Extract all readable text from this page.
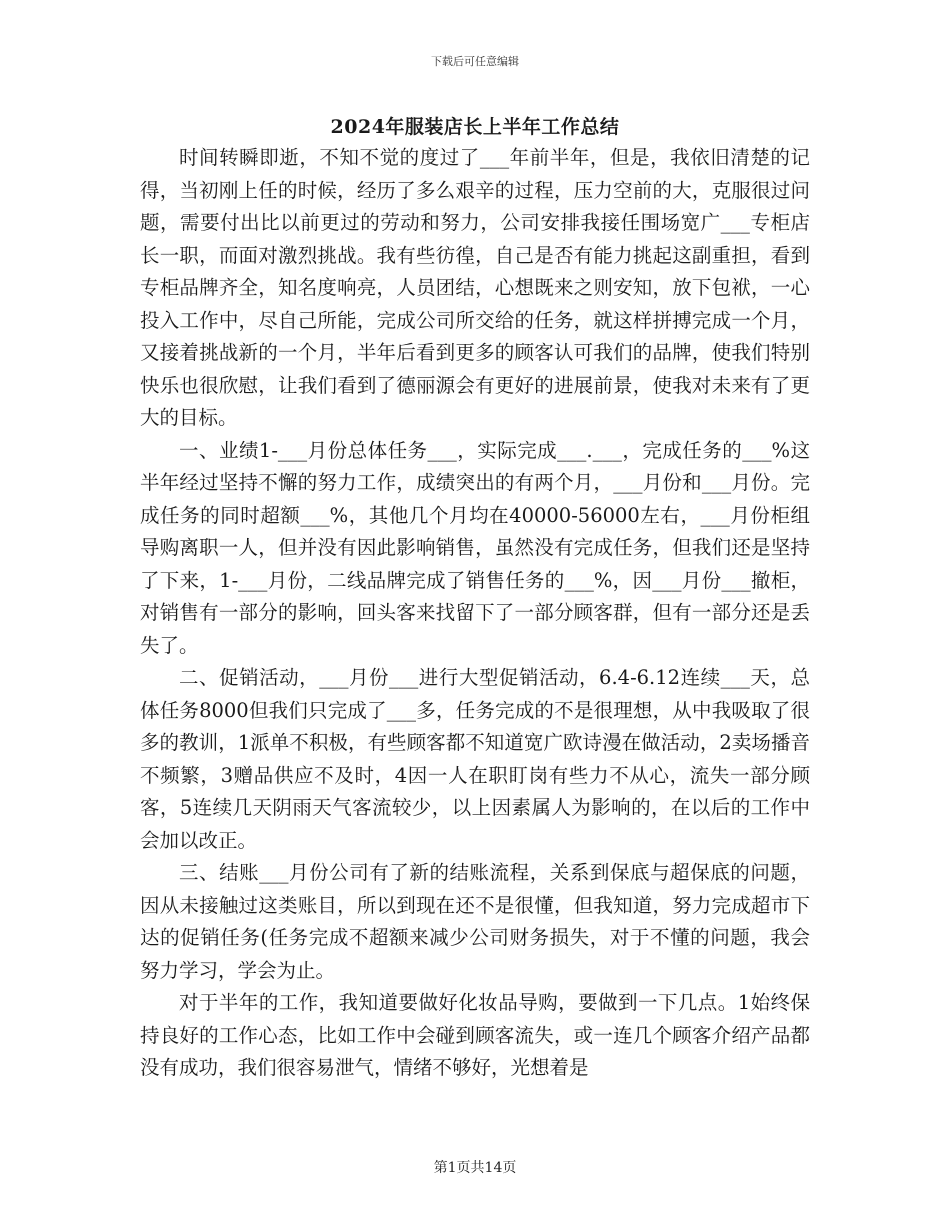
下载后可任意编辑
2024年服装店长上半年工作总结

时间转瞬即逝，不知不觉的度过了___年前半年，但是，我依旧清楚的记得，当初刚上任的时候，经历了多么艰辛的过程，压力空前的大，克服很过问题，需要付出比以前更过的劳动和努力，公司安排我接任围场宽广___专柜店长一职，而面对激烈挑战。我有些彷徨，自己是否有能力挑起这副重担，看到专柜品牌齐全，知名度响亮，人员团结，心想既来之则安知，放下包袱，一心投入工作中，尽自己所能，完成公司所交给的任务，就这样拼搏完成一个月，又接着挑战新的一个月，半年后看到更多的顾客认可我们的品牌，使我们特别快乐也很欣慰，让我们看到了德丽源会有更好的进展前景，使我对未来有了更大的目标。

一、业绩1-___月份总体任务___，实际完成___.___，完成任务的___%这半年经过坚持不懈的努力工作，成绩突出的有两个月，___月份和___月份。完成任务的同时超额___%，其他几个月均在40000-56000左右，___月份柜组导购离职一人，但并没有因此影响销售，虽然没有完成任务，但我们还是坚持了下来，1-___月份，二线品牌完成了销售任务的___%，因___月份___撤柜，对销售有一部分的影响，回头客来找留下了一部分顾客群，但有一部分还是丢失了。

二、促销活动，___月份___进行大型促销活动，6.4-6.12连续___天，总体任务8000但我们只完成了___多，任务完成的不是很理想，从中我吸取了很多的教训，1派单不积极，有些顾客都不知道宽广欧诗漫在做活动，2卖场播音不频繁，3赠品供应不及时，4因一人在职盯岗有些力不从心，流失一部分顾客，5连续几天阴雨天气客流较少，以上因素属人为影响的，在以后的工作中会加以改正。

三、结账___月份公司有了新的结账流程，关系到保底与超保底的问题，因从未接触过这类账目，所以到现在还不是很懂，但我知道，努力完成超市下达的促销任务(任务完成不超额来减少公司财务损失，对于不懂的问题，我会努力学习，学会为止。

对于半年的工作，我知道要做好化妆品导购，要做到一下几点。1始终保持良好的工作心态，比如工作中会碰到顾客流失，或一连几个顾客介绍产品都没有成功，我们很容易泄气，情绪不够好，光想着是

第1页共14页
